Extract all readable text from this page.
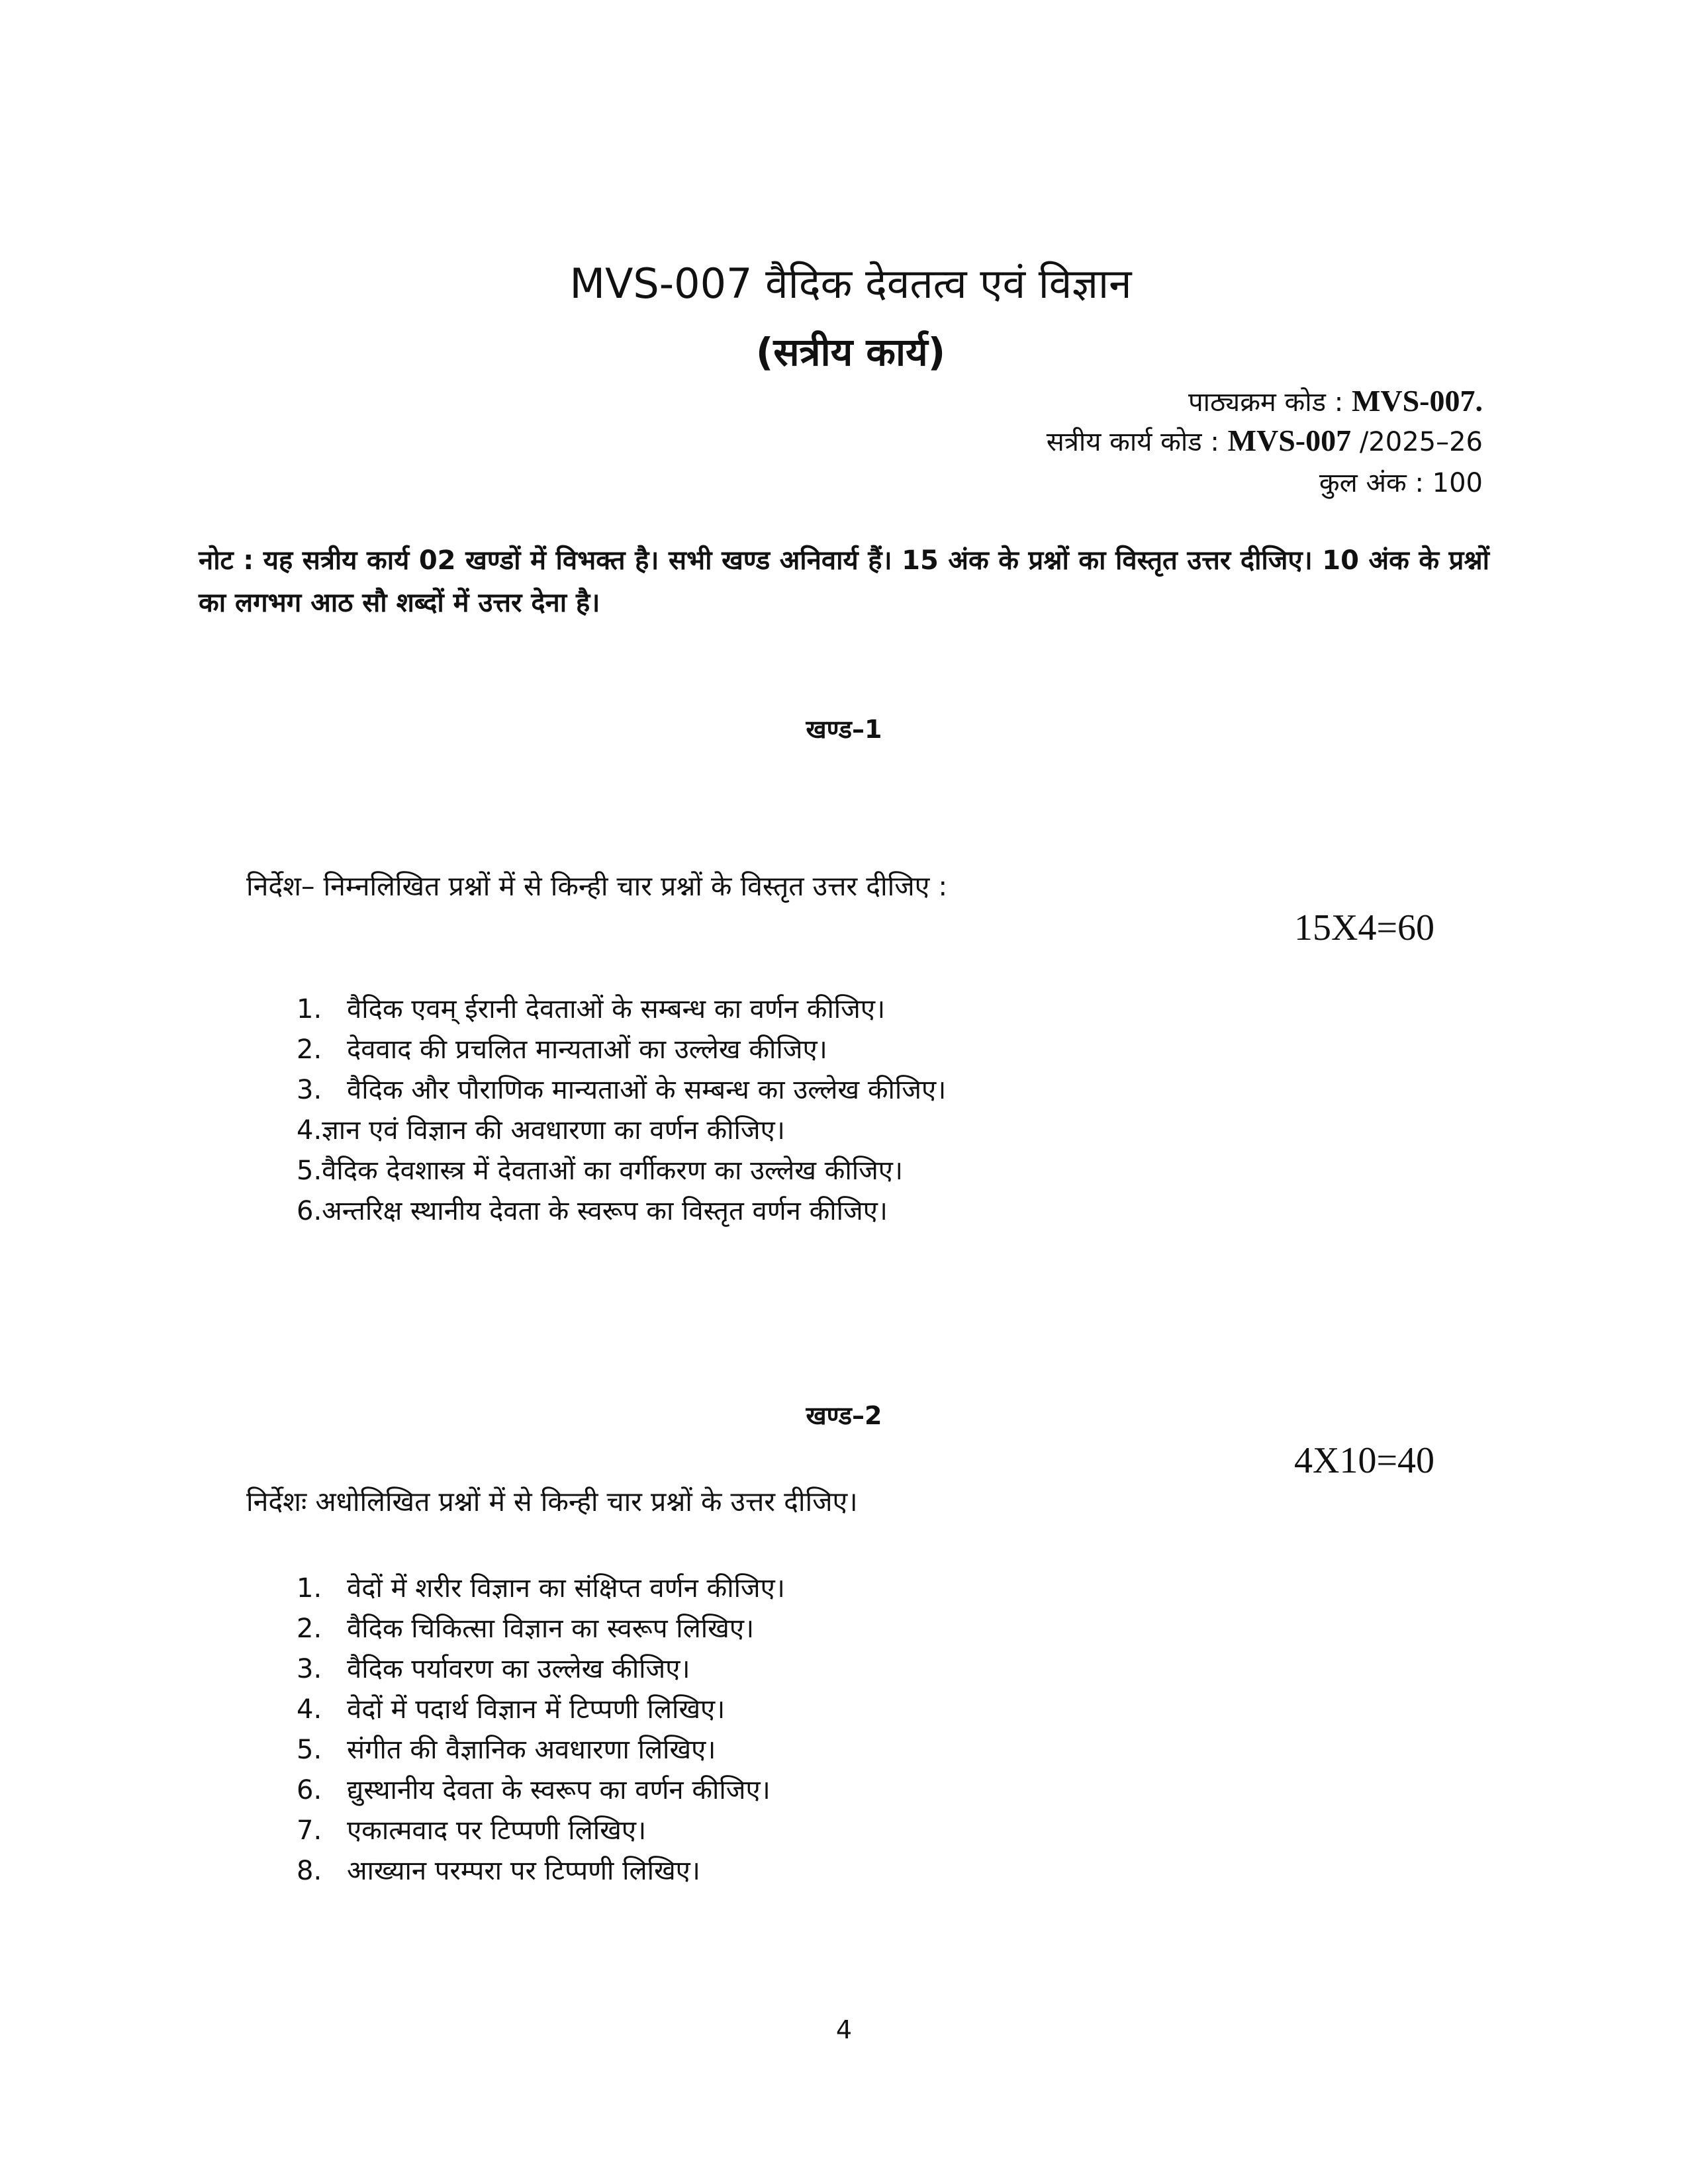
MVS-007 वैदिक देवतत्व एवं विज्ञान
(सत्रीय कार्य)
पाठ्यक्रम कोड : MVS-007.
सत्रीय कार्य कोड : MVS-007 /2025–26
कुल अंक : 100
नोट : यह सत्रीय कार्य 02 खण्डों में विभक्त है। सभी खण्ड अनिवार्य हैं। 15 अंक के प्रश्नों का विस्तृत उत्तर दीजिए। 10 अंक के प्रश्नों का लगभग आठ सौ शब्दों में उत्तर देना है।
खण्ड–1
निर्देश– निम्नलिखित प्रश्नों में से किन्ही चार प्रश्नों के विस्तृत उत्तर दीजिए :
15X4=60
1. वैदिक एवम् ईरानी देवताओं के सम्बन्ध का वर्णन कीजिए।
2. देववाद की प्रचलित मान्यताओं का उल्लेख कीजिए।
3. वैदिक और पौराणिक मान्यताओं के सम्बन्ध का उल्लेख कीजिए।
4.ज्ञान एवं विज्ञान की अवधारणा का वर्णन कीजिए।
5.वैदिक देवशास्त्र में देवताओं का वर्गीकरण का उल्लेख कीजिए।
6.अन्तरिक्ष स्थानीय देवता के स्वरूप का विस्तृत वर्णन कीजिए।
खण्ड–2
4X10=40
निर्देशः अधोलिखित प्रश्नों में से किन्ही चार प्रश्नों के उत्तर दीजिए।
1. वेदों में शरीर विज्ञान का संक्षिप्त वर्णन कीजिए।
2. वैदिक चिकित्सा विज्ञान का स्वरूप लिखिए।
3. वैदिक पर्यावरण का उल्लेख कीजिए।
4. वेदों में पदार्थ विज्ञान में टिप्पणी लिखिए।
5. संगीत की वैज्ञानिक अवधारणा लिखिए।
6. द्युस्थानीय देवता के स्वरूप का वर्णन कीजिए।
7. एकात्मवाद पर टिप्पणी लिखिए।
8. आख्यान परम्परा पर टिप्पणी लिखिए।
4
